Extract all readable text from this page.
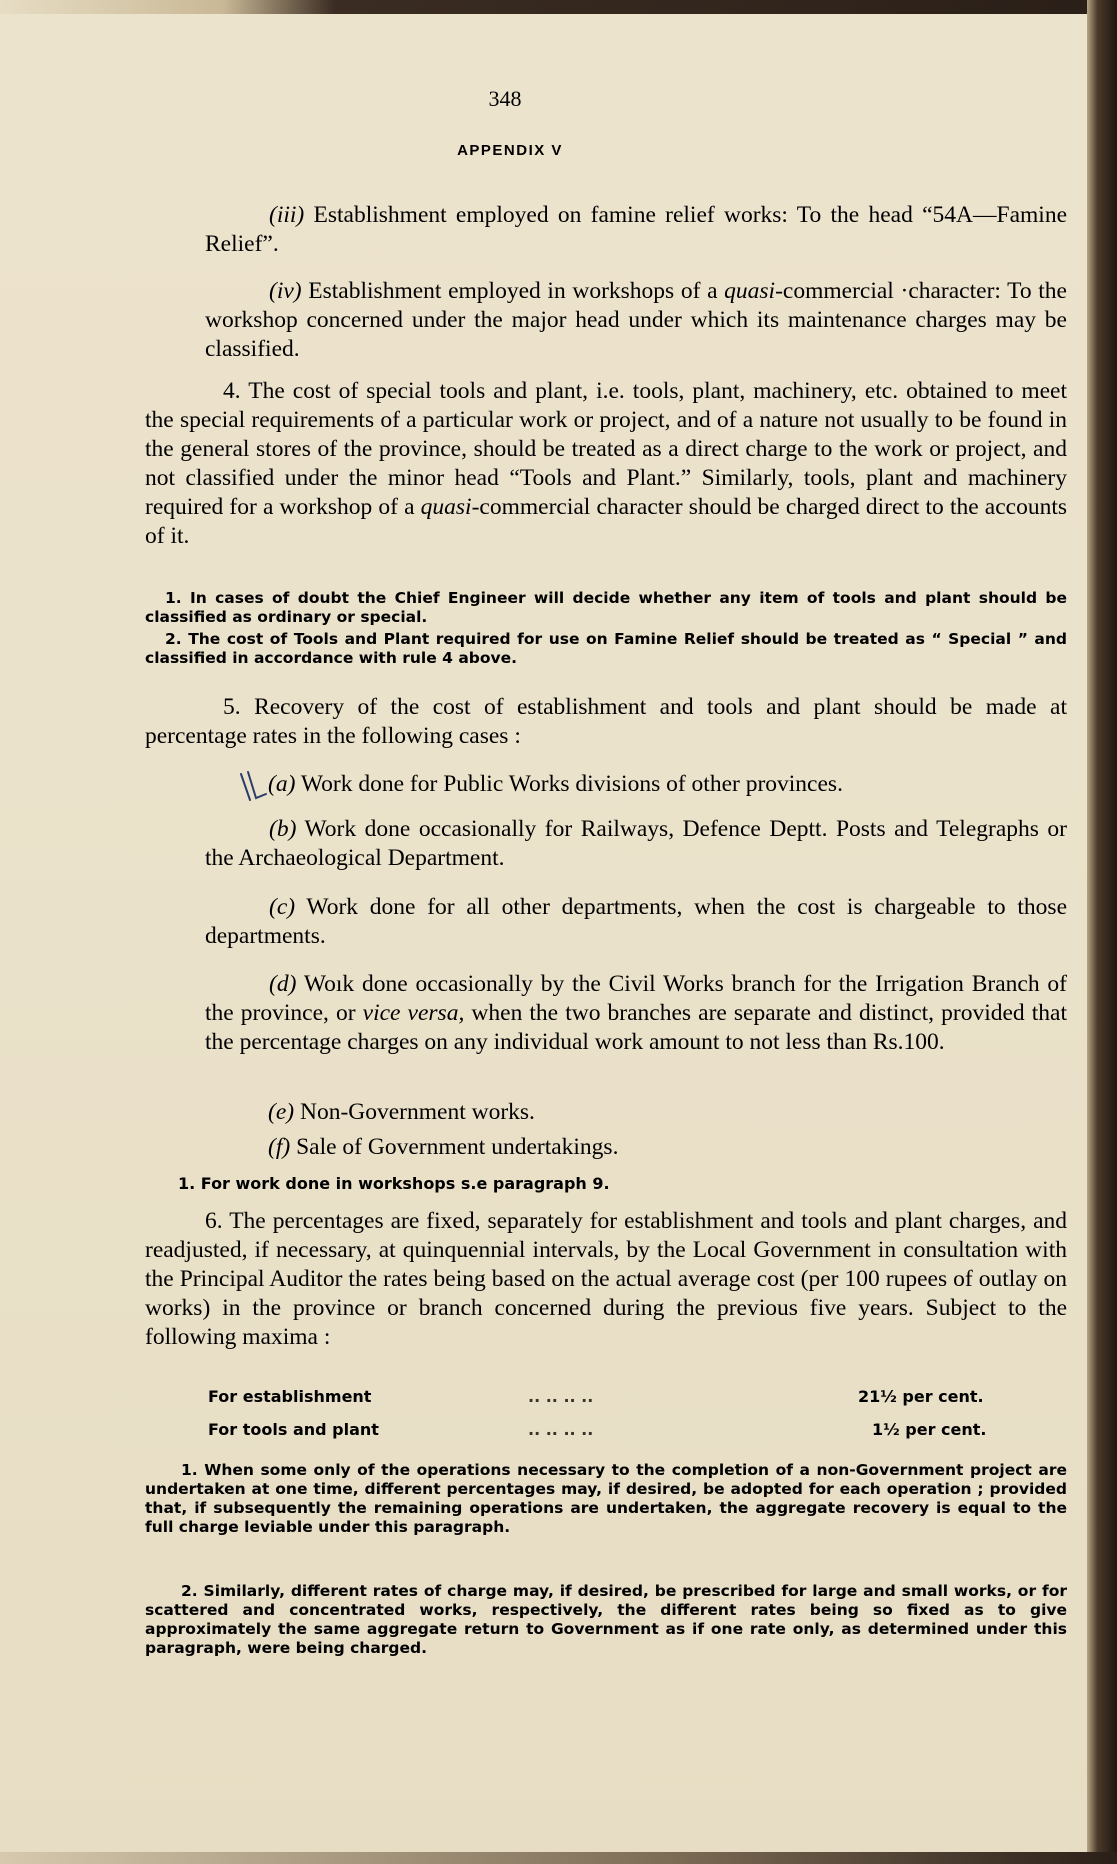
348
APPENDIX V

(iii) Establishment employed on famine relief works: To the head “54A—Famine Relief”.

(iv) Establishment employed in workshops of a quasi-commercial ·character: To the workshop concerned under the major head under which its maintenance charges may be classified.

4. The cost of special tools and plant, i.e. tools, plant, machinery, etc. obtained to meet the special requirements of a particular work or project, and of a nature not usually to be found in the general stores of the province, should be treated as a direct charge to the work or project, and not classified under the minor head “Tools and Plant.” Similarly, tools, plant and machinery required for a workshop of a quasi-commercial character should be charged direct to the accounts of it.

1. In cases of doubt the Chief Engineer will decide whether any item of tools and plant should be classified as ordinary or special.

2. The cost of Tools and Plant required for use on Famine Relief should be treated as “ Special ” and classified in accordance with rule 4 above.

5. Recovery of the cost of establishment and tools and plant should be made at percentage rates in the following cases :

(a) Work done for Public Works divisions of other provinces.

(b) Work done occasionally for Railways, Defence Deptt. Posts and Telegraphs or the Archaeological Department.

(c) Work done for all other departments, when the cost is chargeable to those departments.

(d) Woık done occasionally by the Civil Works branch for the Irrigation Branch of the province, or vice versa, when the two branches are separate and distinct, provided that the percentage charges on any individual work amount to not less than Rs.100.

(e) Non-Government works.

(f) Sale of Government undertakings.

1. For work done in workshops s.e paragraph 9.

6. The percentages are fixed, separately for establishment and tools and plant charges, and readjusted, if necessary, at quinquennial intervals, by the Local Government in consultation with the Principal Auditor the rates being based on the actual average cost (per 100 rupees of outlay on works) in the province or branch concerned during the previous five years. Subject to the following maxima :

For establishment	.. .. .. ..	21½ per cent.
For tools and plant	.. .. .. ..	1½ per cent.

1. When some only of the operations necessary to the completion of a non-Government project are undertaken at one time, different percentages may, if desired, be adopted for each operation ; provided that, if subsequently the remaining operations are undertaken, the aggregate recovery is equal to the full charge leviable under this paragraph.

2. Similarly, different rates of charge may, if desired, be prescribed for large and small works, or for scattered and concentrated works, respectively, the different rates being so fixed as to give approximately the same aggregate return to Government as if one rate only, as determined under this paragraph, were being charged.
